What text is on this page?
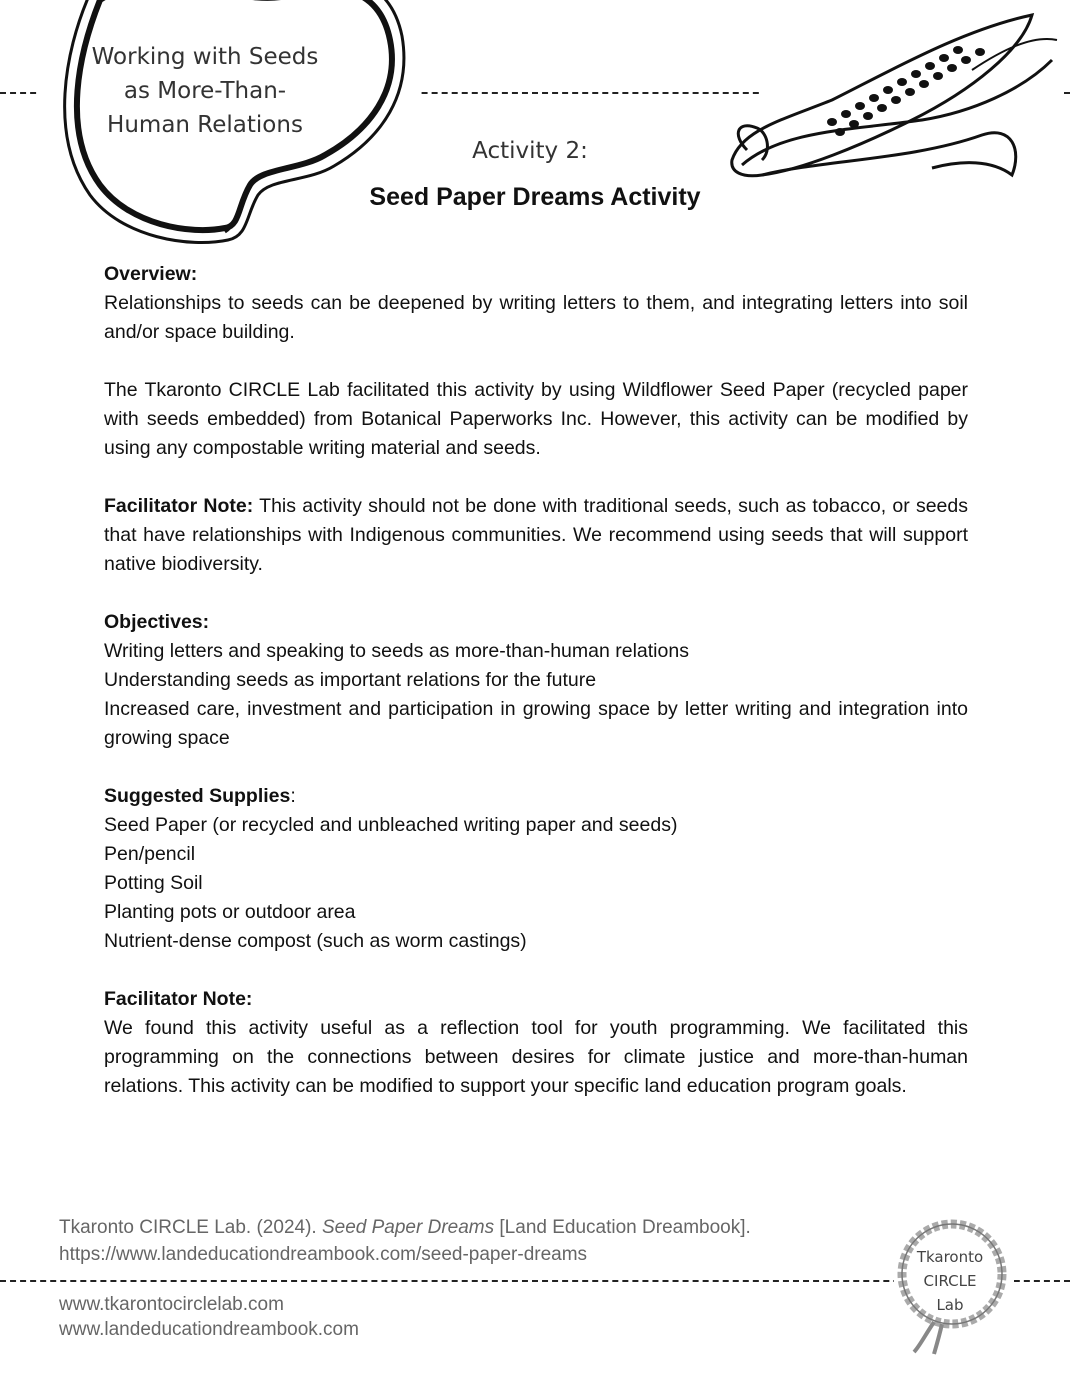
Working with Seeds
as More-Than-
Human Relations
Activity 2:
Seed Paper Dreams Activity

Overview:

Relationships to seeds can be deepened by writing letters to them, and integrating letters into soil and/or space building.

The Tkaronto CIRCLE Lab facilitated this activity by using Wildflower Seed Paper (recycled paper with seeds embedded) from Botanical Paperworks Inc. However, this activity can be modified by using any compostable writing material and seeds.

Facilitator Note: This activity should not be done with traditional seeds, such as tobacco, or seeds that have relationships with Indigenous communities. We recommend using seeds that will support native biodiversity.

Objectives:

Writing letters and speaking to seeds as more-than-human relations

Understanding seeds as important relations for the future

Increased care, investment and participation in growing space by letter writing and integration into growing space

Suggested Supplies:

Seed Paper (or recycled and unbleached writing paper and seeds)

Pen/pencil

Potting Soil

Planting pots or outdoor area

Nutrient-dense compost (such as worm castings)

Facilitator Note:

We found this activity useful as a reflection tool for youth programming. We facilitated this programming on the connections between desires for climate justice and more-than-human relations. This activity can be modified to support your specific land education program goals.

Tkaronto CIRCLE Lab. (2024). Seed Paper Dreams [Land Education Dreambook].
https://www.landeducationdreambook.com/seed-paper-dreams
www.tkarontocirclelab.com
www.landeducationdreambook.com
Tkaronto
CIRCLE
Lab
